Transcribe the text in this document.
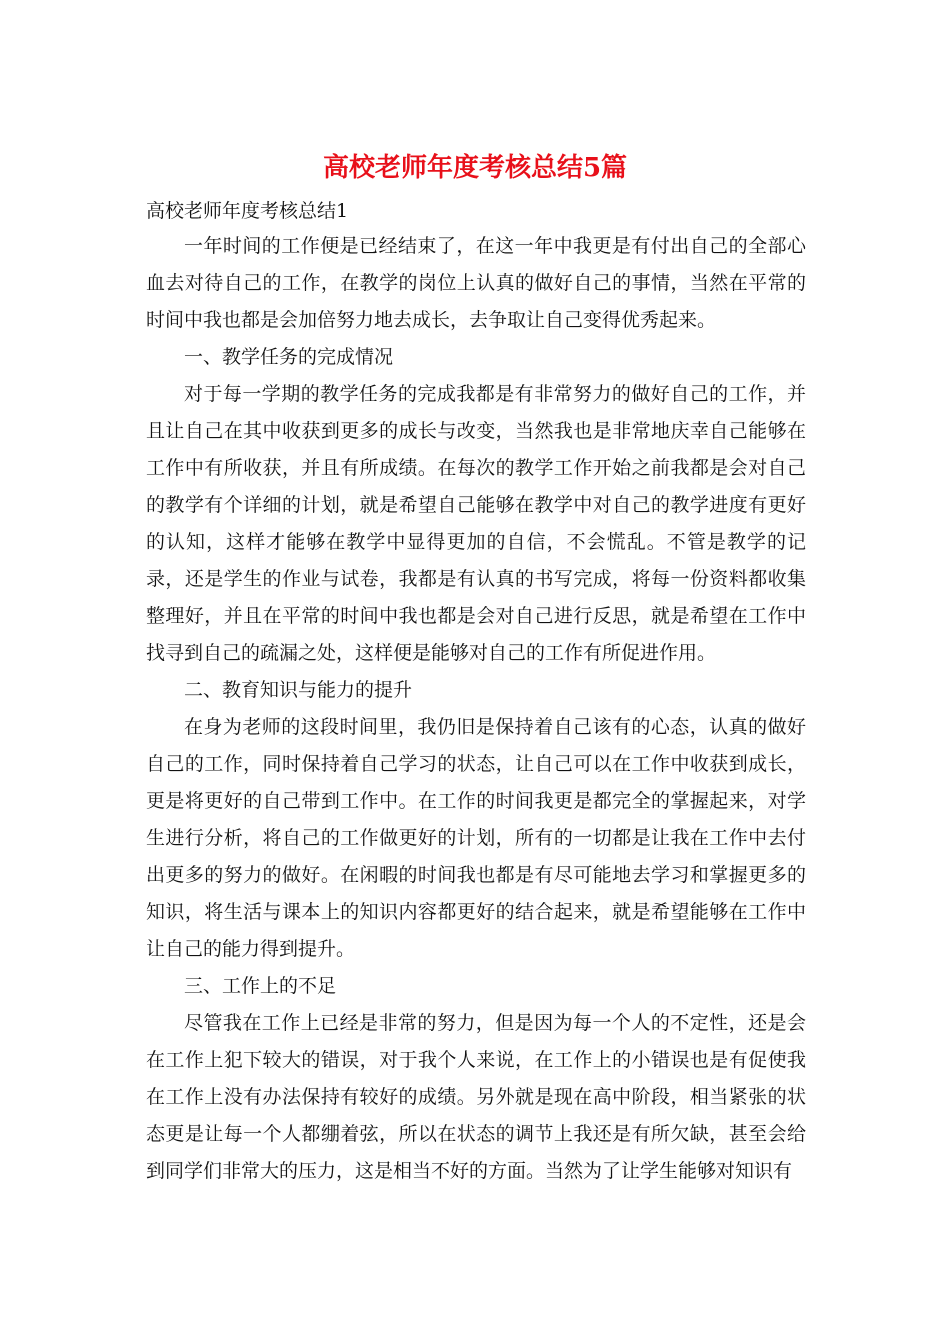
高校老师年度考核总结5篇

高校老师年度考核总结1

一年时间的工作便是已经结束了，在这一年中我更是有付出自己的全部心血去对待自己的工作，在教学的岗位上认真的做好自己的事情，当然在平常的时间中我也都是会加倍努力地去成长，去争取让自己变得优秀起来。

一、教学任务的完成情况

对于每一学期的教学任务的完成我都是有非常努力的做好自己的工作，并且让自己在其中收获到更多的成长与改变，当然我也是非常地庆幸自己能够在工作中有所收获，并且有所成绩。在每次的教学工作开始之前我都是会对自己的教学有个详细的计划，就是希望自己能够在教学中对自己的教学进度有更好的认知，这样才能够在教学中显得更加的自信，不会慌乱。不管是教学的记录，还是学生的作业与试卷，我都是有认真的书写完成，将每一份资料都收集整理好，并且在平常的时间中我也都是会对自己进行反思，就是希望在工作中找寻到自己的疏漏之处，这样便是能够对自己的工作有所促进作用。

二、教育知识与能力的提升

在身为老师的这段时间里，我仍旧是保持着自己该有的心态，认真的做好自己的工作，同时保持着自己学习的状态，让自己可以在工作中收获到成长，更是将更好的自己带到工作中。在工作的时间我更是都完全的掌握起来，对学生进行分析，将自己的工作做更好的计划，所有的一切都是让我在工作中去付出更多的努力的做好。在闲暇的时间我也都是有尽可能地去学习和掌握更多的知识，将生活与课本上的知识内容都更好的结合起来，就是希望能够在工作中让自己的能力得到提升。

三、工作上的不足

尽管我在工作上已经是非常的努力，但是因为每一个人的不定性，还是会在工作上犯下较大的错误，对于我个人来说，在工作上的小错误也是有促使我在工作上没有办法保持有较好的成绩。另外就是现在高中阶段，相当紧张的状态更是让每一个人都绷着弦，所以在状态的调节上我还是有所欠缺，甚至会给到同学们非常大的压力，这是相当不好的方面。当然为了让学生能够对知识有
